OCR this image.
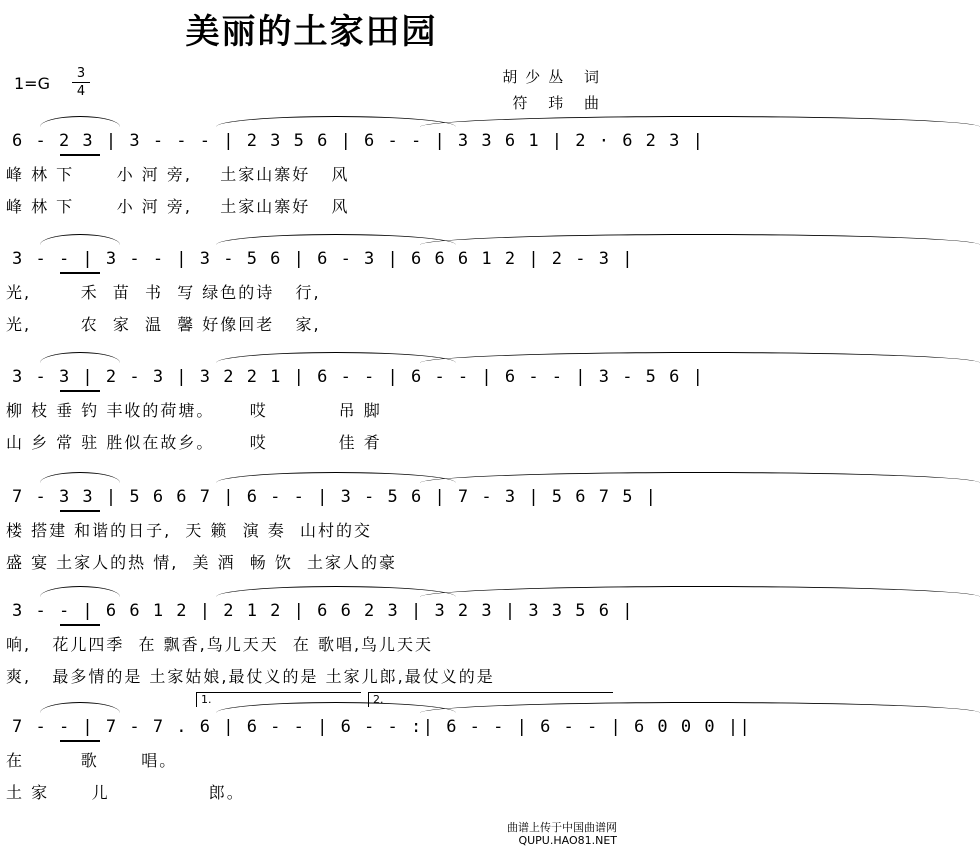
美丽的土家田园
1=G
3
4
胡少丛 词
符 玮 曲
6 - 2 3 | 3 - - - | 2 3 5 6 | 6 - - | 3 3 6 1 | 2 · 6 2 3 |
峰 林 下      小 河 旁,    土家山寨好   风
峰 林 下      小 河 旁,    土家山寨好   风
3 - - | 3 - - | 3 - 5 6 | 6 - 3 | 6 6 6 1 2 | 2 - 3 |
光,       禾  苗  书  写 绿色的诗   行,
光,       农  家  温  馨 好像回老   家,
3 - 3 | 2 - 3 | 3 2 2 1 | 6 - - | 6 - - | 6 - - | 3 - 5 6 |
柳 枝 垂 钓 丰收的荷塘。     哎          吊 脚
山 乡 常 驻 胜似在故乡。     哎          佳 肴
7 - 3 3 | 5 6 6 7 | 6 - - | 3 - 5 6 | 7 - 3 | 5 6 7 5 |
楼 搭建 和谐的日子,  天 籁  演 奏  山村的交
盛 宴 土家人的热 情,  美 酒  畅 饮  土家人的豪
3 - - | 6 6 1 2 | 2 1 2 | 6 6 2 3 | 3 2 3 | 3 3 5 6 |
响,   花儿四季  在 飘香,鸟儿天天  在 歌唱,鸟儿天天
爽,   最多情的是 土家姑娘,最仗义的是 土家儿郎,最仗义的是
7 - - | 7 - 7 . 6 | 6 - - | 6 - - :| 6 - - | 6 - - | 6 0 0 0 ||
1.	2.
在        歌      唱。
土 家      儿              郎。
曲谱上传于中国曲谱网
QUPU.HAO81.NET
